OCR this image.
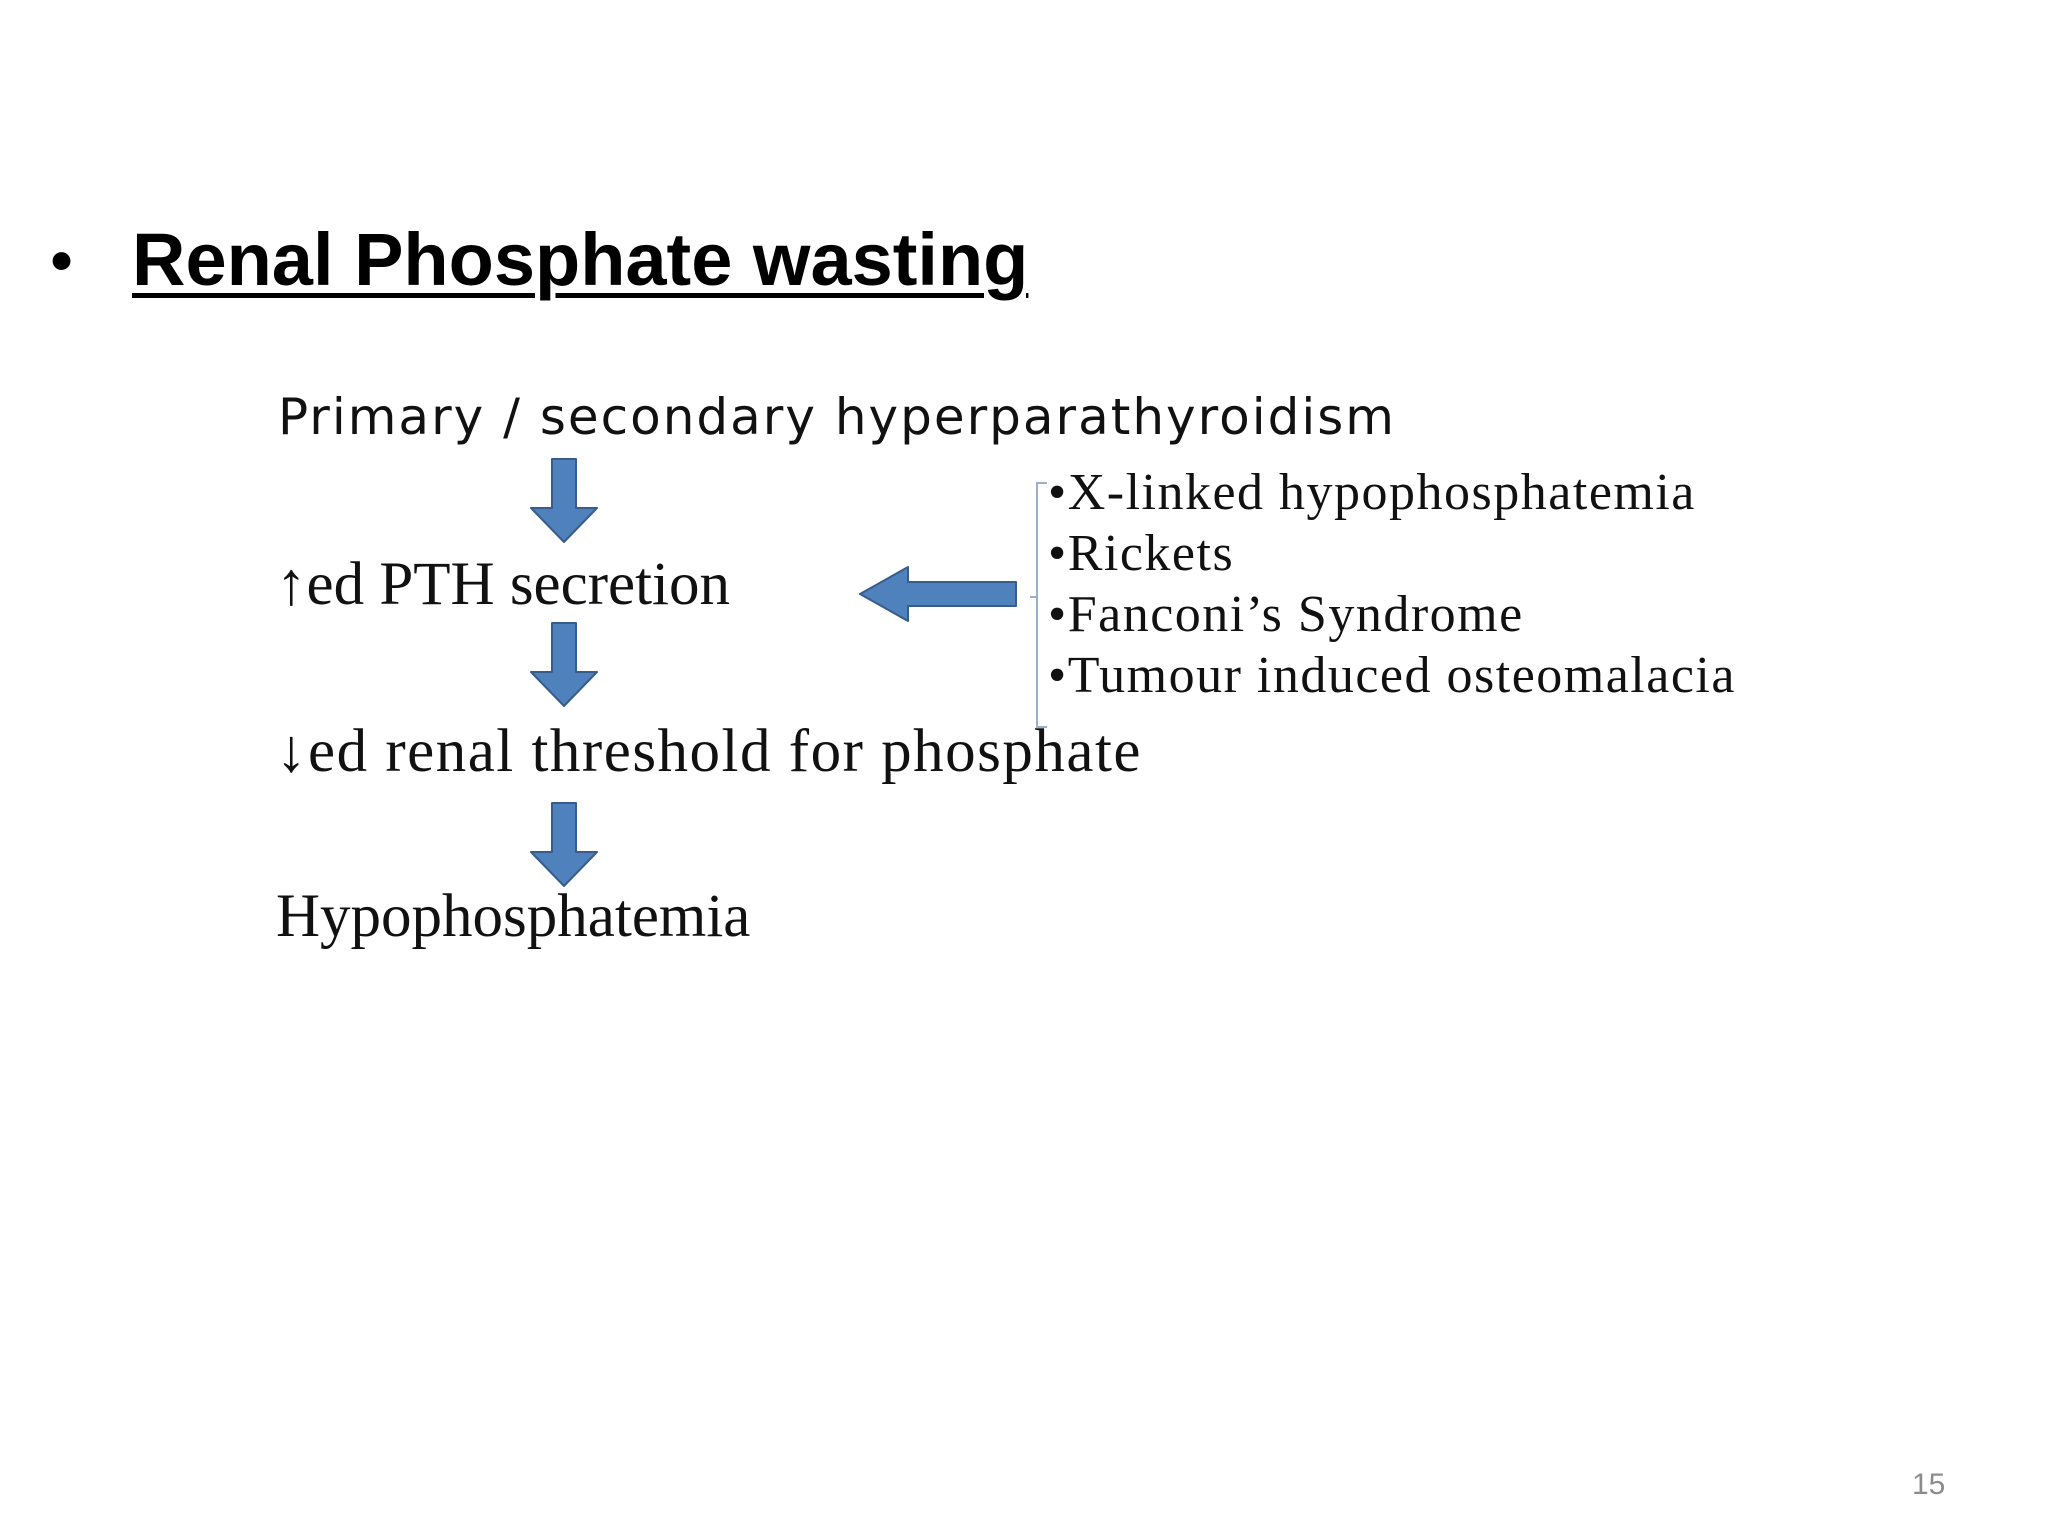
• Renal Phosphate wasting
Primary / secondary hyperparathyroidism
↑ed PTH secretion
↓ed renal threshold for phosphate
Hypophosphatemia
•X-linked hypophosphatemia
•Rickets
•Fanconi’s Syndrome
•Tumour induced osteomalacia
15
